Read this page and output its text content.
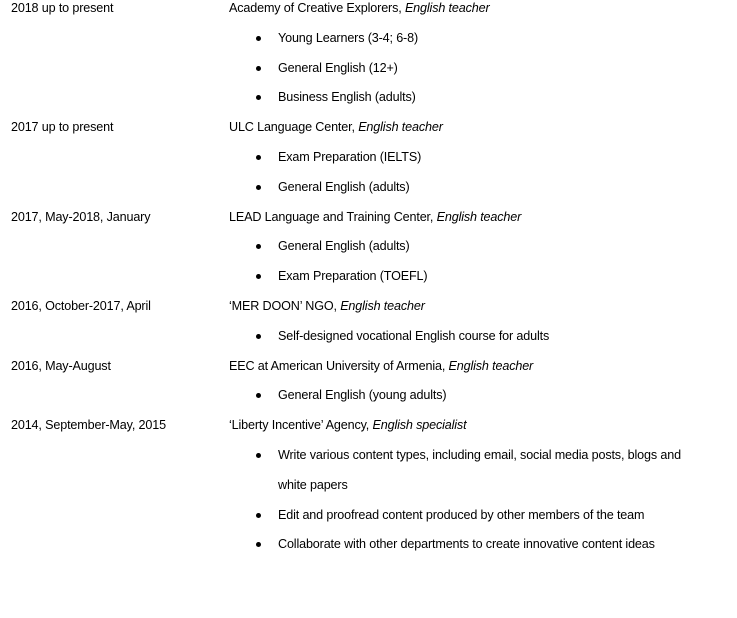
2018 up to present	Academy of Creative Explorers, English teacher
Young Learners (3-4; 6-8)
General English (12+)
Business English (adults)
2017 up to present	ULC Language Center, English teacher
Exam Preparation (IELTS)
General English (adults)
2017, May-2018, January	LEAD Language and Training Center, English teacher
General English (adults)
Exam Preparation (TOEFL)
2016, October-2017, April	‘MER DOON’ NGO, English teacher
Self-designed vocational English course for adults
2016, May-August	EEC at American University of Armenia, English teacher
General English (young adults)
2014, September-May, 2015	‘Liberty Incentive’ Agency, English specialist
Write various content types, including email, social media posts, blogs and white papers
Edit and proofread content produced by other members of the team
Collaborate with other departments to create innovative content ideas
